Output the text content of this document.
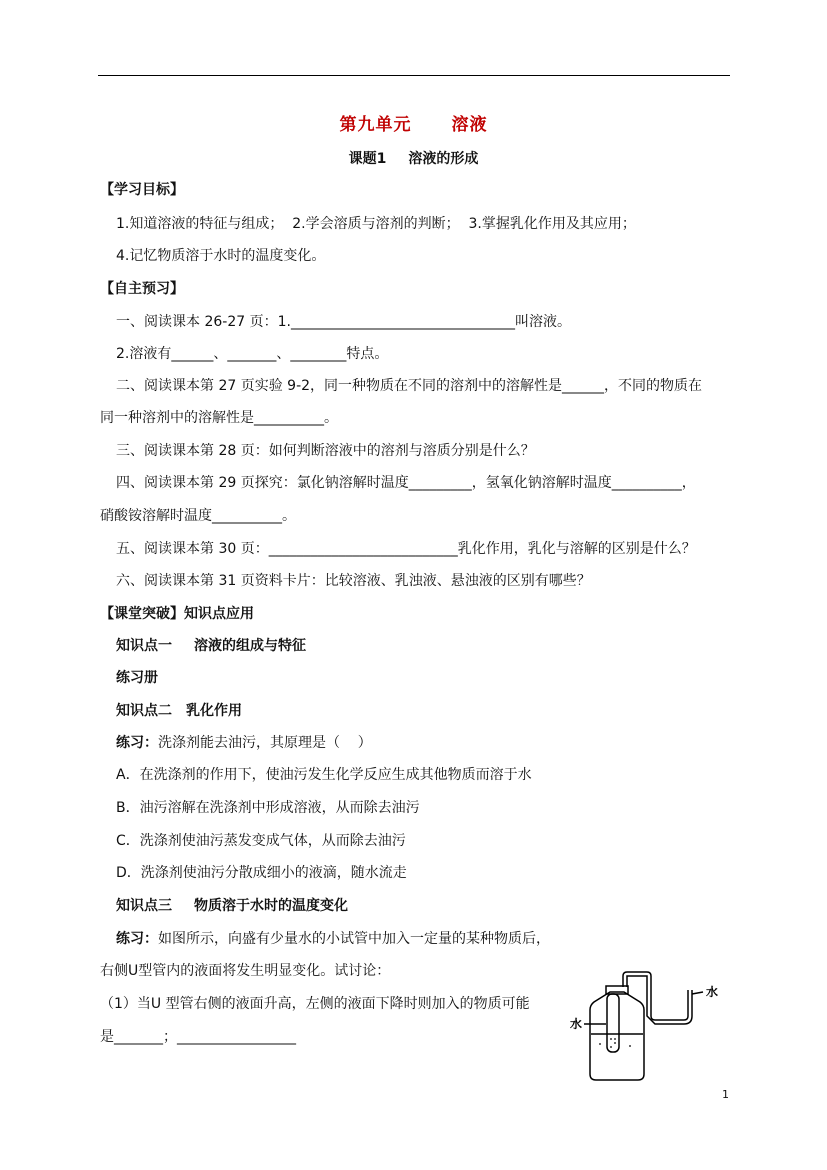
第九单元 溶液
课题1 溶液的形成
【学习目标】
1.知道溶液的特征与组成；  2.学会溶质与溶剂的判断；  3.掌握乳化作用及其应用；
4.记忆物质溶于水时的温度变化。
【自主预习】
一、阅读课本 26-27 页：1.________________________________叫溶液。
2.溶液有______、_______、________特点。
二、阅读课本第 27 页实验 9-2，同一种物质在不同的溶剂中的溶解性是______，不同的物质在
同一种溶剂中的溶解性是__________。
三、阅读课本第 28 页：如何判断溶液中的溶剂与溶质分别是什么？
四、阅读课本第 29 页探究：氯化钠溶解时温度_________，氢氧化钠溶解时温度__________，
硝酸铵溶解时温度__________。
五、阅读课本第 30 页：___________________________乳化作用，乳化与溶解的区别是什么？
六、阅读课本第 31 页资料卡片：比较溶液、乳浊液、悬浊液的区别有哪些？
【课堂突破】知识点应用
知识点一 溶液的组成与特征
练习册
知识点二 乳化作用
练习：洗涤剂能去油污，其原理是（    ）
A．在洗涤剂的作用下，使油污发生化学反应生成其他物质而溶于水
B．油污溶解在洗涤剂中形成溶液，从而除去油污
C．洗涤剂使油污蒸发变成气体，从而除去油污
D．洗涤剂使油污分散成细小的液滴，随水流走
知识点三 物质溶于水时的温度变化
练习：如图所示，向盛有少量水的小试管中加入一定量的某种物质后，
右侧U型管内的液面将发生明显变化。试讨论：
（1）当U 型管右侧的液面升高，左侧的液面下降时则加入的物质可能
是_______；_________________
水
水
1
